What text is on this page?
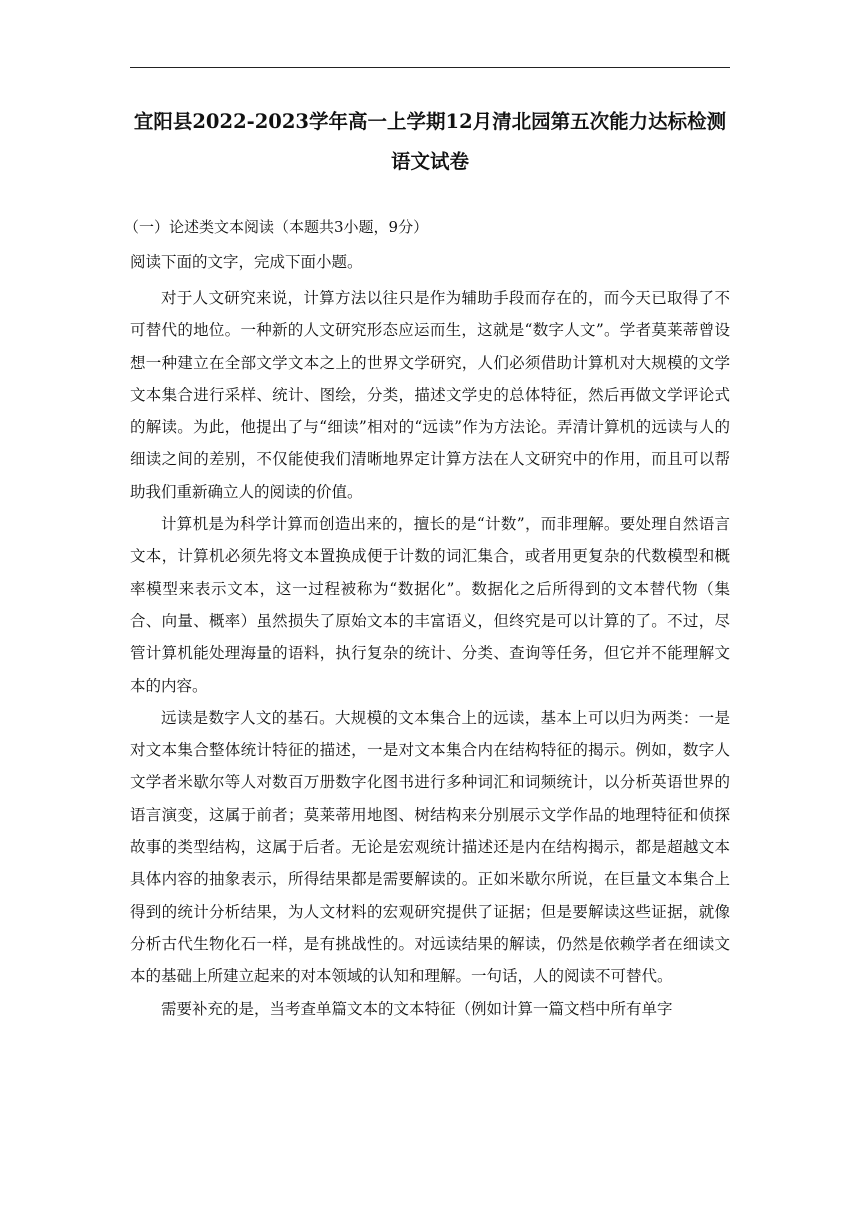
宜阳县2022-2023学年高一上学期12月清北园第五次能力达标检测
语文试卷
（一）论述类文本阅读（本题共3小题，9分）
阅读下面的文字，完成下面小题。

对于人文研究来说，计算方法以往只是作为辅助手段而存在的，而今天已取得了不可替代的地位。一种新的人文研究形态应运而生，这就是“数字人文”。学者莫莱蒂曾设想一种建立在全部文学文本之上的世界文学研究，人们必须借助计算机对大规模的文学文本集合进行采样、统计、图绘，分类，描述文学史的总体特征，然后再做文学评论式的解读。为此，他提出了与“细读”相对的“远读”作为方法论。弄清计算机的远读与人的细读之间的差别，不仅能使我们清晰地界定计算方法在人文研究中的作用，而且可以帮助我们重新确立人的阅读的价值。

计算机是为科学计算而创造出来的，擅长的是“计数”，而非理解。要处理自然语言文本，计算机必须先将文本置换成便于计数的词汇集合，或者用更复杂的代数模型和概率模型来表示文本，这一过程被称为“数据化”。数据化之后所得到的文本替代物（集合、向量、概率）虽然损失了原始文本的丰富语义，但终究是可以计算的了。不过，尽管计算机能处理海量的语料，执行复杂的统计、分类、查询等任务，但它并不能理解文本的内容。

远读是数字人文的基石。大规模的文本集合上的远读，基本上可以归为两类：一是对文本集合整体统计特征的描述，一是对文本集合内在结构特征的揭示。例如，数字人文学者米歇尔等人对数百万册数字化图书进行多种词汇和词频统计，以分析英语世界的语言演变，这属于前者；莫莱蒂用地图、树结构来分别展示文学作品的地理特征和侦探故事的类型结构，这属于后者。无论是宏观统计描述还是内在结构揭示，都是超越文本具体内容的抽象表示，所得结果都是需要解读的。正如米歇尔所说，在巨量文本集合上得到的统计分析结果，为人文材料的宏观研究提供了证据；但是要解读这些证据，就像分析古代生物化石一样，是有挑战性的。对远读结果的解读，仍然是依赖学者在细读文本的基础上所建立起来的对本领域的认知和理解。一句话，人的阅读不可替代。

需要补充的是，当考查单篇文本的文本特征（例如计算一篇文档中所有单字
